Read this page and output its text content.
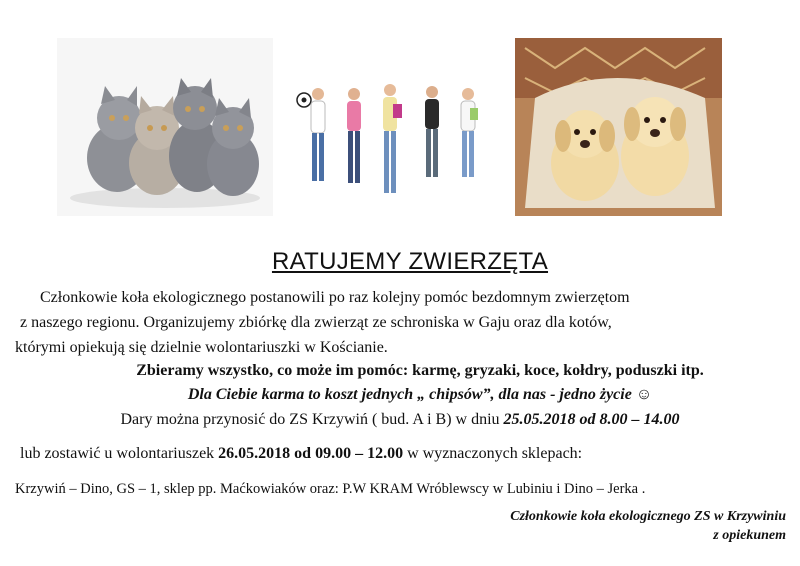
RATUJEMY ZWIERZĘTA
Członkowie koła ekologicznego postanowili po raz kolejny pomóc bezdomnym zwierzętom
z naszego regionu. Organizujemy zbiórkę dla zwierząt ze schroniska w Gaju oraz dla kotów,
którymi opiekują się dzielnie wolontariuszki w Kościanie.
Zbieramy wszystko, co może im pomóc: karmę, gryzaki, koce, kołdry, poduszki itp.
Dla Ciebie karma to koszt jednych „ chipsów”, dla nas - jedno życie ☺
Dary można przynosić do ZS Krzywiń ( bud. A i B) w dniu 25.05.2018 od 8.00 – 14.00
lub zostawić u wolontariuszek 26.05.2018 od 09.00 – 12.00 w wyznaczonych sklepach:
Krzywiń – Dino, GS – 1, sklep pp. Maćkowiaków oraz: P.W KRAM Wróblewscy w Lubiniu i Dino – Jerka .
Członkowie koła ekologicznego ZS w Krzywiniu
z opiekunem
